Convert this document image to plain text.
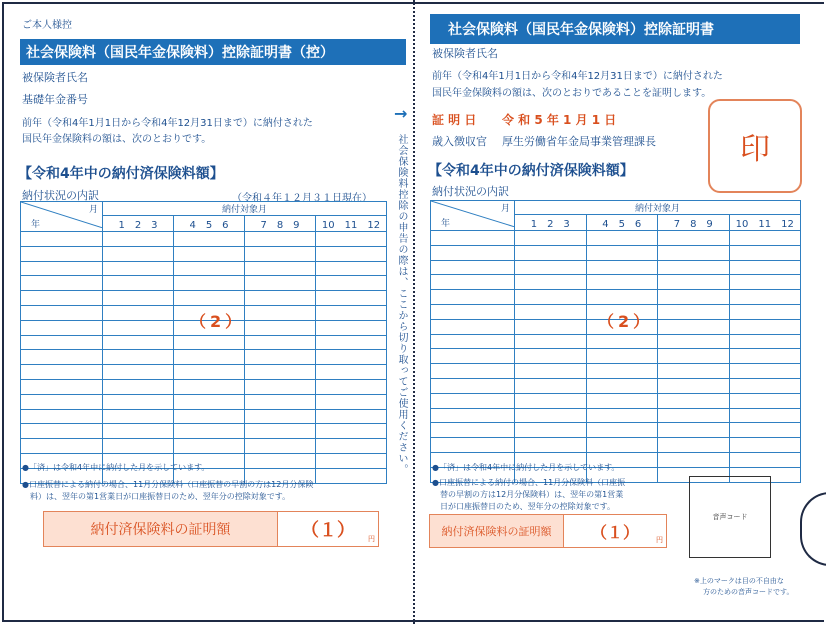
ご本人様控
社会保険料（国民年金保険料）控除証明書（控）
被保険者氏名
基礎年金番号
前年（令和4年1月1日から令和4年12月31日まで）に納付された
国民年金保険料の額は、次のとおりです。
【令和4年中の納付済保険料額】
納付状況の内訳	（令和４年１２月３１日現在）
月
年	納付対象月			
	1　2　3	4　5　6	7　8　9	10　11　12

（2）
●「済」は令和4年中に納付した月を示しています。
●口座振替による納付の場合、11月分保険料（口座振替の早割の方は12月分保険
料）は、翌年の第1営業日が口座振替日のため、翌年分の控除対象です。
納付済保険料の証明額	（１） 円
→
社会保険料控除の申告の際は、ここから切り取ってご使用ください。
社会保険料（国民年金保険料）控除証明書
被保険者氏名
前年（令和4年1月1日から令和4年12月31日まで）に納付された
国民年金保険料の額は、次のとおりであることを証明します。
証 明 日 令 和 5 年 1 月 1 日
歳入徴収官 厚生労働省年金局事業管理課長	印
【令和4年中の納付済保険料額】
納付状況の内訳
月
年	納付対象月			
	1　2　3	4　5　6	7　8　9	10　11　12

（2）
●「済」は令和4年中に納付した月を示しています。
●口座振替による納付の場合、11月分保険料（口座振
替の早割の方は12月分保険料）は、翌年の第1営業
日が口座振替日のため、翌年分の控除対象です。
納付済保険料の証明額	（１） 円
音声コード
※上のマークは目の不自由な
方のための音声コードです。
